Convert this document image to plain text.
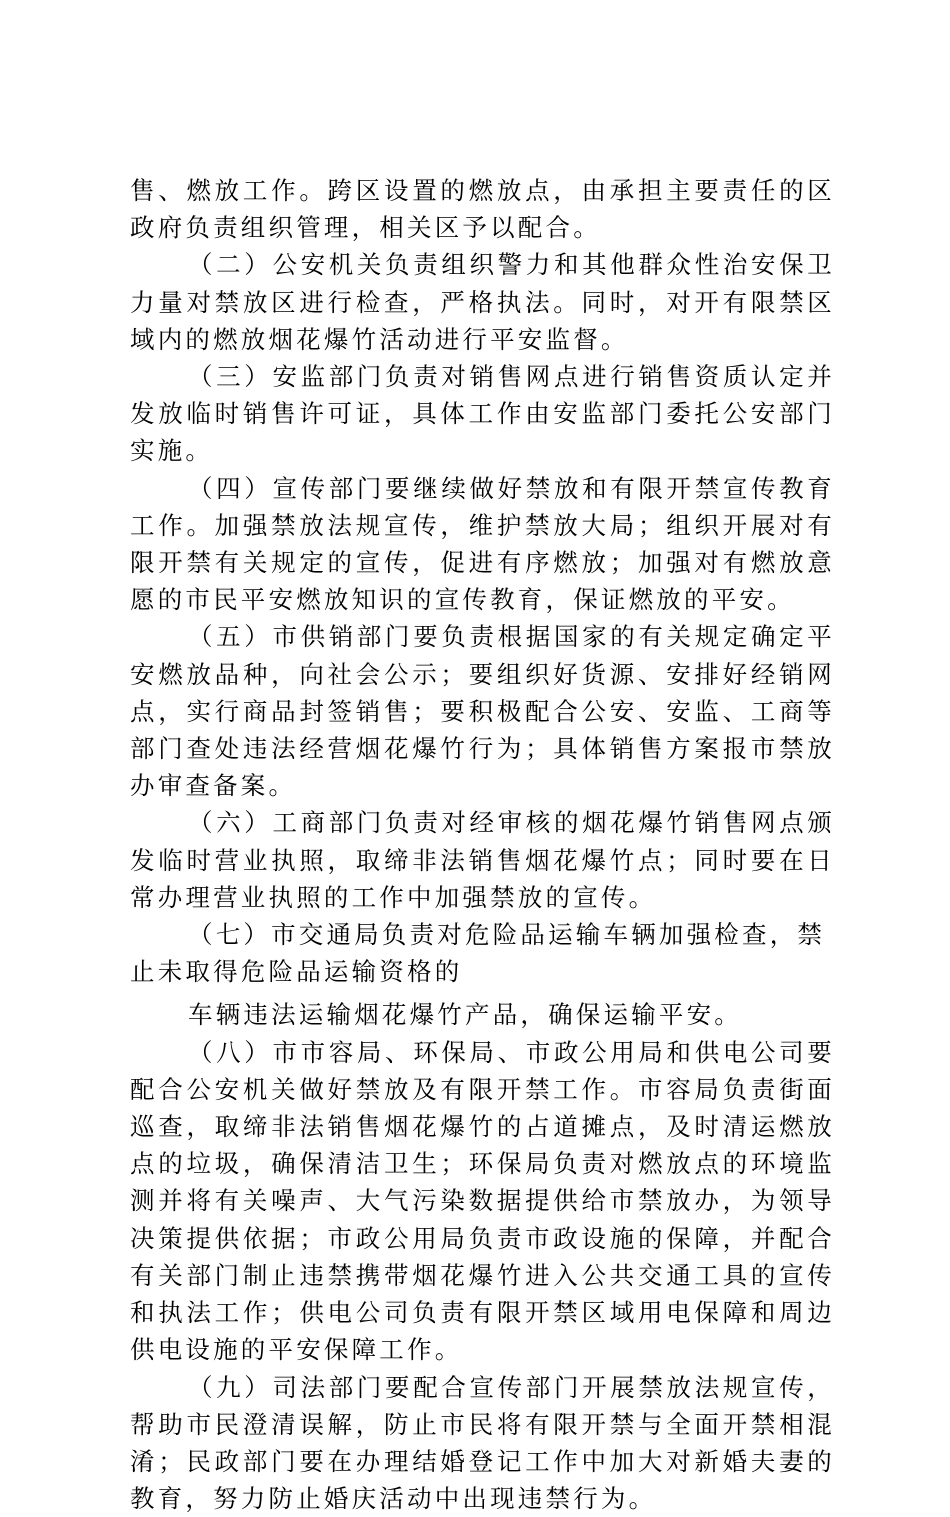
售、燃放工作。跨区设置的燃放点，由承担主要责任的区政府负责组织管理，相关区予以配合。

（二）公安机关负责组织警力和其他群众性治安保卫力量对禁放区进行检查，严格执法。同时，对开有限禁区域内的燃放烟花爆竹活动进行平安监督。

（三）安监部门负责对销售网点进行销售资质认定并发放临时销售许可证，具体工作由安监部门委托公安部门实施。

（四）宣传部门要继续做好禁放和有限开禁宣传教育工作。加强禁放法规宣传，维护禁放大局；组织开展对有限开禁有关规定的宣传，促进有序燃放；加强对有燃放意愿的市民平安燃放知识的宣传教育，保证燃放的平安。

（五）市供销部门要负责根据国家的有关规定确定平安燃放品种，向社会公示；要组织好货源、安排好经销网点，实行商品封签销售；要积极配合公安、安监、工商等部门查处违法经营烟花爆竹行为；具体销售方案报市禁放办审查备案。

（六）工商部门负责对经审核的烟花爆竹销售网点颁发临时营业执照，取缔非法销售烟花爆竹点；同时要在日常办理营业执照的工作中加强禁放的宣传。

（七）市交通局负责对危险品运输车辆加强检查，禁止未取得危险品运输资格的

车辆违法运输烟花爆竹产品，确保运输平安。

（八）市市容局、环保局、市政公用局和供电公司要配合公安机关做好禁放及有限开禁工作。市容局负责街面巡查，取缔非法销售烟花爆竹的占道摊点，及时清运燃放点的垃圾，确保清洁卫生；环保局负责对燃放点的环境监测并将有关噪声、大气污染数据提供给市禁放办，为领导决策提供依据；市政公用局负责市政设施的保障，并配合有关部门制止违禁携带烟花爆竹进入公共交通工具的宣传和执法工作；供电公司负责有限开禁区域用电保障和周边供电设施的平安保障工作。

（九）司法部门要配合宣传部门开展禁放法规宣传，帮助市民澄清误解，防止市民将有限开禁与全面开禁相混淆；民政部门要在办理结婚登记工作中加大对新婚夫妻的教育，努力防止婚庆活动中出现违禁行为。
